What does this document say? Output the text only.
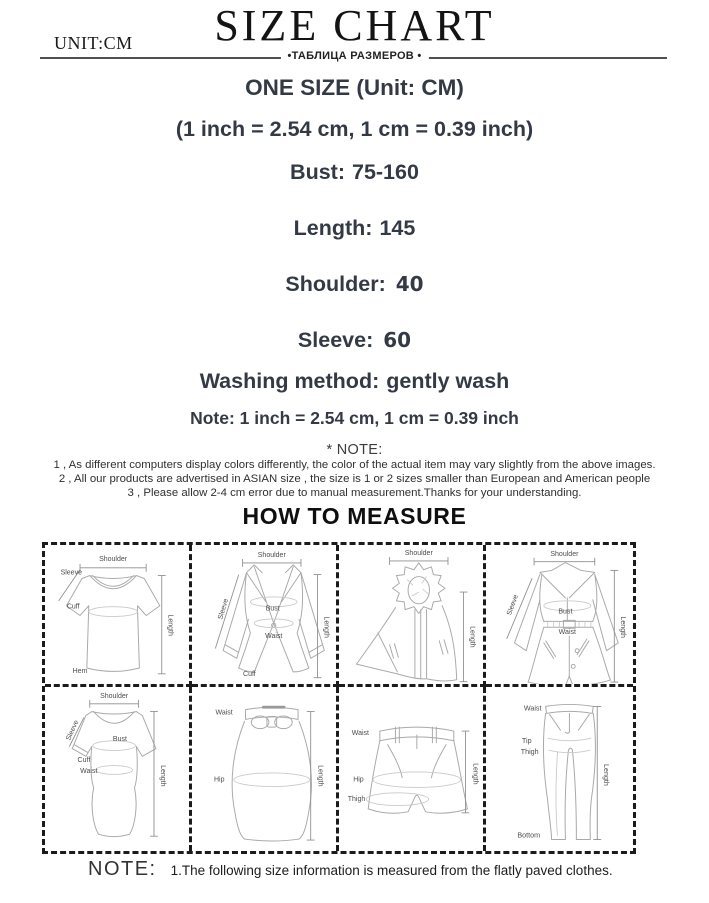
SIZE CHART
UNIT:CM
•ТАБЛИЦА РАЗМЕРОВ •
ONE SIZE (Unit: CM)
(1 inch = 2.54 cm, 1 cm = 0.39 inch)
Bust: 75-160
Length: 145
Shoulder: 40
Sleeve: 60
Washing method: gently wash
Note: 1 inch = 2.54 cm, 1 cm = 0.39 inch
* NOTE:
1 , As different computers display colors differently, the color of the actual item may vary slightly from the above images.
2 , All our products are advertised in ASIAN size , the size is 1 or 2 sizes smaller than European and American people
3 , Please allow 2-4 cm error due to manual measurement.Thanks for your understanding.
HOW TO MEASURE
Shoulder
Sleeve
Cuff
Hem
Length
Shoulder
Sleeve	Bust
Waist
Cuff
Length
Shoulder
Length
Shoulder
Sleeve	Bust
Waist	Length
Shoulder
Sleeve	Bust
Cuff
Waist	Length
Waist
Hip	Length
Waist
Hip
Thigh
Length
Waist
Tip
Thigh
Bottom
Length
NOTE: 1.The following size information is measured from the flatly paved clothes.
